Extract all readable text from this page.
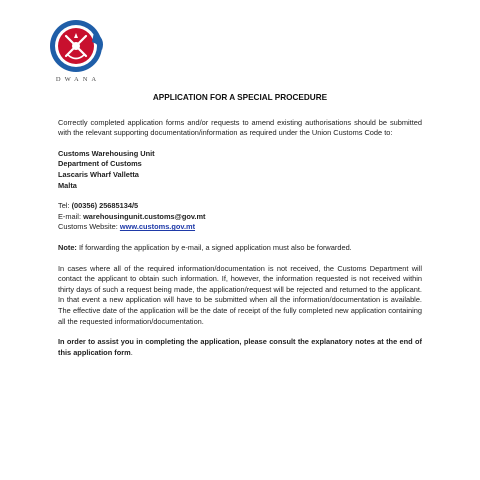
DWANA
APPLICATION FOR A SPECIAL PROCEDURE

Correctly completed application forms and/or requests to amend existing authorisations should be submitted with the relevant supporting documentation/information as required under the Union Customs Code to:

Customs Warehousing Unit
Department of Customs
Lascaris Wharf Valletta
Malta
Tel: (00356) 25685134/5
E-mail: warehousingunit.customs@gov.mt
Customs Website: www.customs.gov.mt

Note: If forwarding the application by e-mail, a signed application must also be forwarded.

In cases where all of the required information/documentation is not received, the Customs Department will contact the applicant to obtain such information. If, however, the information requested is not received within thirty days of such a request being made, the application/request will be rejected and returned to the applicant. In that event a new application will have to be submitted when all the information/documentation is available. The effective date of the application will be the date of receipt of the fully completed new application containing all the requested information/documentation.

In order to assist you in completing the application, please consult the explanatory notes at the end of this application form.
